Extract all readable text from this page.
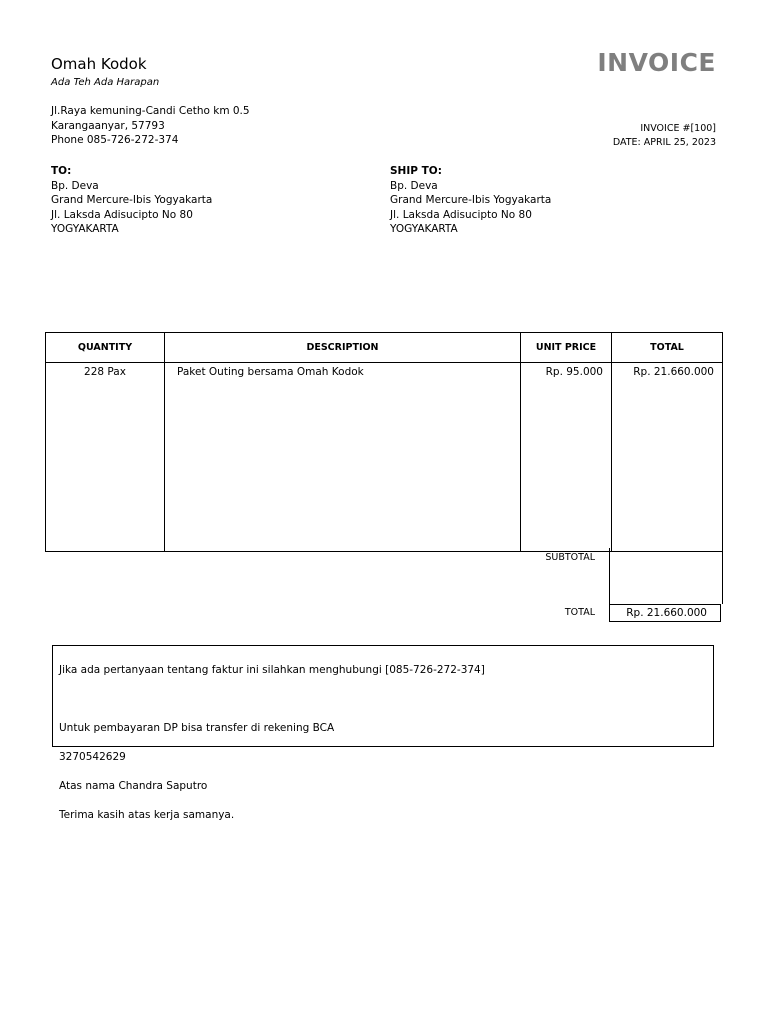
Omah Kodok
Ada Teh Ada Harapan
Jl.Raya kemuning-Candi Cetho km 0.5
Karangaanyar, 57793
Phone 085-726-272-374
INVOICE
INVOICE #[100]
DATE: APRIL 25, 2023
TO:
Bp. Deva
Grand Mercure-Ibis Yogyakarta
Jl. Laksda Adisucipto No 80
YOGYAKARTA
SHIP TO:
Bp. Deva
Grand Mercure-Ibis Yogyakarta
Jl. Laksda Adisucipto No 80
YOGYAKARTA
QUANTITY	DESCRIPTION	UNIT PRICE	TOTAL
228 Pax	Paket Outing bersama Omah Kodok	Rp. 95.000	Rp. 21.660.000
SUBTOTAL
TOTAL	Rp. 21.660.000

Jika ada pertanyaan tentang faktur ini silahkan menghubungi [085-726-272-374]

Untuk pembayaran DP bisa transfer di rekening BCA

3270542629

Atas nama Chandra Saputro

Terima kasih atas kerja samanya.
